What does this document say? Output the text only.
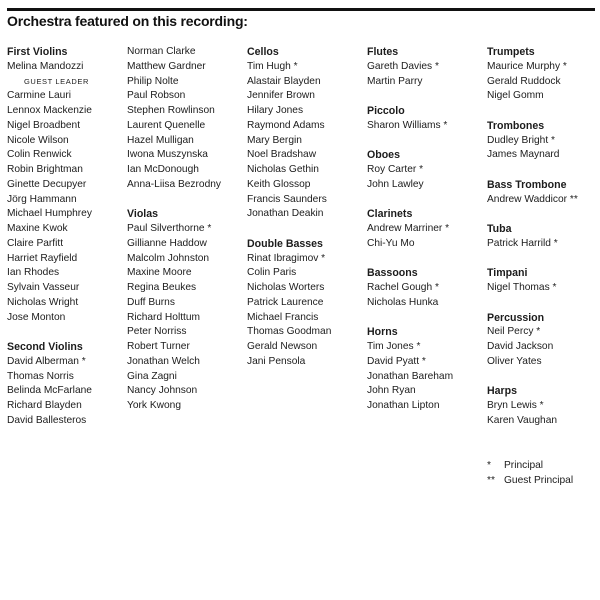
Orchestra featured on this recording:
First Violins
Melina Mandozzi
GUEST LEADER
Carmine Lauri
Lennox Mackenzie
Nigel Broadbent
Nicole Wilson
Colin Renwick
Robin Brightman
Ginette Decupyer
Jörg Hammann
Michael Humphrey
Maxine Kwok
Claire Parfitt
Harriet Rayfield
Ian Rhodes
Sylvain Vasseur
Nicholas Wright
Jose Monton
Second Violins
David Alberman *
Thomas Norris
Belinda McFarlane
Richard Blayden
David Ballesteros
Norman Clarke
Matthew Gardner
Philip Nolte
Paul Robson
Stephen Rowlinson
Laurent Quenelle
Hazel Mulligan
Iwona Muszynska
Ian McDonough
Anna-Liisa Bezrodny
Violas
Paul Silverthorne *
Gillianne Haddow
Malcolm Johnston
Maxine Moore
Regina Beukes
Duff Burns
Richard Holttum
Peter Norriss
Robert Turner
Jonathan Welch
Gina Zagni
Nancy Johnson
York Kwong
Cellos
Tim Hugh *
Alastair Blayden
Jennifer Brown
Hilary Jones
Raymond Adams
Mary Bergin
Noel Bradshaw
Nicholas Gethin
Keith Glossop
Francis Saunders
Jonathan Deakin
Double Basses
Rinat Ibragimov *
Colin Paris
Nicholas Worters
Patrick Laurence
Michael Francis
Thomas Goodman
Gerald Newson
Jani Pensola
Flutes
Gareth Davies *
Martin Parry
Piccolo
Sharon Williams *
Oboes
Roy Carter *
John Lawley
Clarinets
Andrew Marriner *
Chi-Yu Mo
Bassoons
Rachel Gough *
Nicholas Hunka
Horns
Tim Jones *
David Pyatt *
Jonathan Bareham
John Ryan
Jonathan Lipton
Trumpets
Maurice Murphy *
Gerald Ruddock
Nigel Gomm
Trombones
Dudley Bright *
James Maynard
Bass Trombone
Andrew Waddicor **
Tuba
Patrick Harrild *
Timpani
Nigel Thomas *
Percussion
Neil Percy *
David Jackson
Oliver Yates
Harps
Bryn Lewis *
Karen Vaughan
* Principal
** Guest Principal
